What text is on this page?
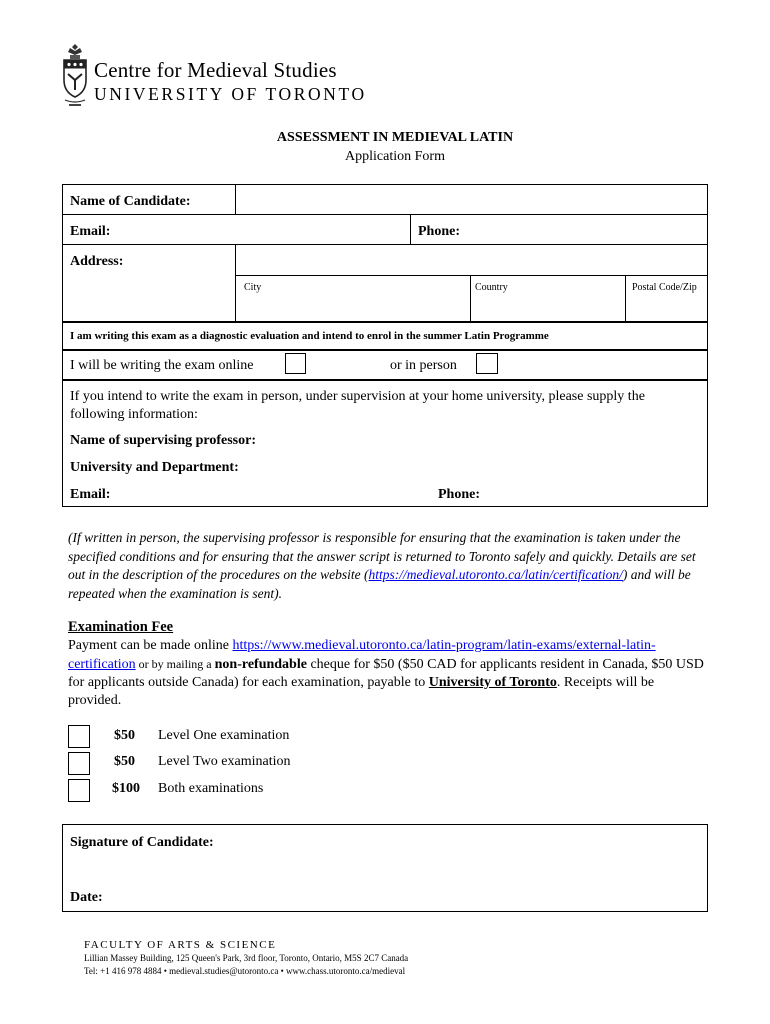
Centre for Medieval Studies
UNIVERSITY OF TORONTO
ASSESSMENT IN MEDIEVAL LATIN
Application Form
Name of Candidate:
Email:	Phone:
Address:
City	Country	Postal Code/Zip
I am writing this exam as a diagnostic evaluation and intend to enrol in the summer Latin Programme
I will be writing the exam online	or in person
If you intend to write the exam in person, under supervision at your home university, please supply the following information:
Name of supervising professor:
University and Department:
Email:	Phone:
(If written in person, the supervising professor is responsible for ensuring that the examination is taken under the specified conditions and for ensuring that the answer script is returned to Toronto safely and quickly. Details are set out in the description of the procedures on the website (https://medieval.utoronto.ca/latin/certification/) and will be repeated when the examination is sent).
Examination Fee
Payment can be made online https://www.medieval.utoronto.ca/latin-program/latin-exams/external-latin-certification or by mailing a non-refundable cheque for $50 ($50 CAD for applicants resident in Canada, $50 USD for applicants outside Canada) for each examination, payable to University of Toronto. Receipts will be provided.
$50 Level One examination
$50 Level Two examination
$100 Both examinations
Signature of Candidate:
Date:
FACULTY OF ARTS & SCIENCE
Lillian Massey Building, 125 Queen's Park, 3rd floor, Toronto, Ontario, M5S 2C7 Canada
Tel: +1 416 978 4884 • medieval.studies@utoronto.ca • www.chass.utoronto.ca/medieval
